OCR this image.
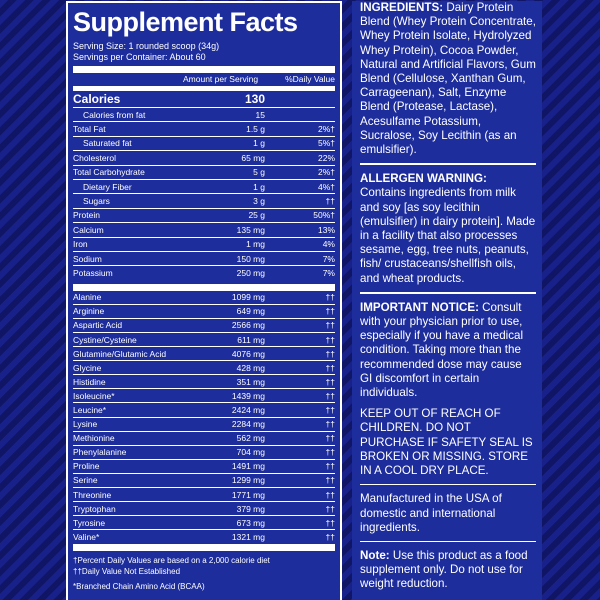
Supplement Facts
Serving Size: 1 rounded scoop (34g)
Servings per Container: About 60
Amount per Serving	%Daily Value
Calories	130
Calories from fat	15
Total Fat	1.5 g	2%†
Saturated fat	1 g	5%†
Cholesterol	65 mg	22%
Total Carbohydrate	5 g	2%†
Dietary Fiber	1 g	4%†
Sugars	3 g	††
Protein	25 g	50%†
Calcium	135 mg	13%
Iron	1 mg	4%
Sodium	150 mg	7%
Potassium	250 mg	7%
Alanine	1099 mg	††
Arginine	649 mg	††
Aspartic Acid	2566 mg	††
Cystine/Cysteine	611 mg	††
Glutamine/Glutamic Acid	4076 mg	††
Glycine	428 mg	††
Histidine	351 mg	††
Isoleucine*	1439 mg	††
Leucine*	2424 mg	††
Lysine	2284 mg	††
Methionine	562 mg	††
Phenylalanine	704 mg	††
Proline	1491 mg	††
Serine	1299 mg	††
Threonine	1771 mg	††
Tryptophan	379 mg	††
Tyrosine	673 mg	††
Valine*	1321 mg	††
†Percent Daily Values are based on a 2,000 calorie diet
††Daily Value Not Established
*Branched Chain Amino Acid (BCAA)

INGREDIENTS: Dairy Protein Blend (Whey Protein Concentrate, Whey Protein Isolate, Hydrolyzed Whey Protein), Cocoa Powder, Natural and Artificial Flavors, Gum Blend (Cellulose, Xanthan Gum, Carrageenan), Salt, Enzyme Blend (Protease, Lactase), Acesulfame Potassium, Sucralose, Soy Lecithin (as an emulsifier).

ALLERGEN WARNING:

Contains ingredients from milk and soy [as soy lecithin (emulsifier) in dairy protein]. Made in a facility that also processes sesame, egg, tree nuts, peanuts, fish/ crustaceans/shellfish oils, and wheat products.

IMPORTANT NOTICE: Consult with your physician prior to use, especially if you have a medical condition. Taking more than the recommended dose may cause GI discomfort in certain individuals.

KEEP OUT OF REACH OF CHILDREN. DO NOT PURCHASE IF SAFETY SEAL IS BROKEN OR MISSING. STORE IN A COOL DRY PLACE.

Manufactured in the USA of domestic and international ingredients.

Note: Use this product as a food supplement only. Do not use for weight reduction.
